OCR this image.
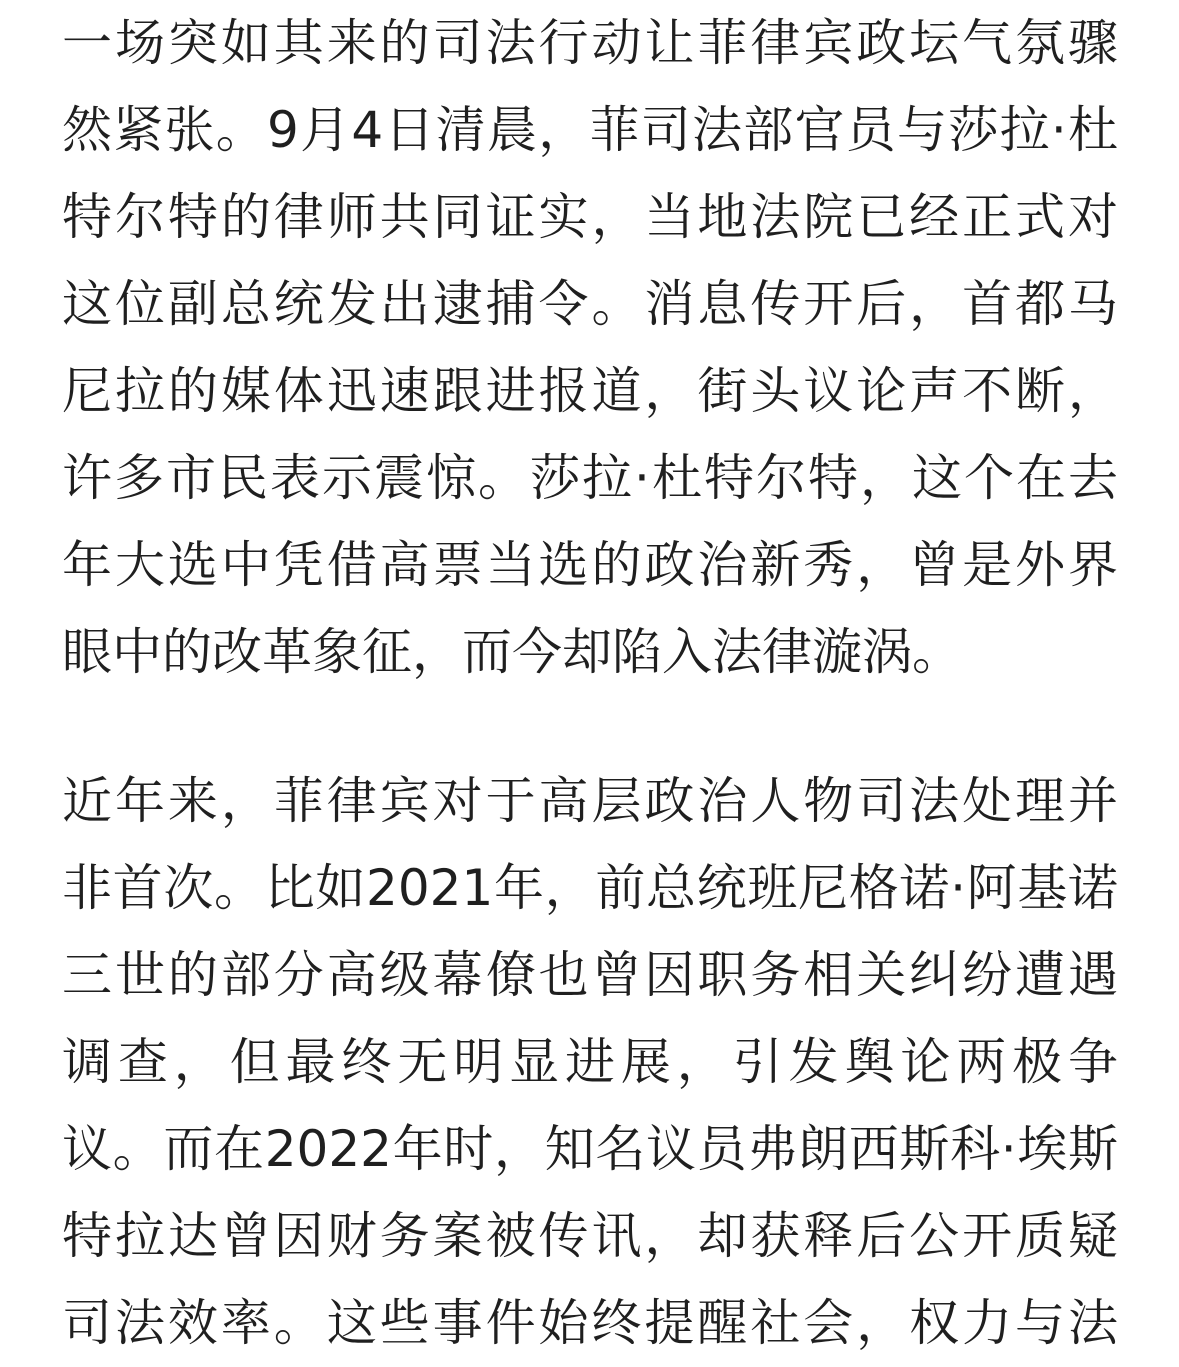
一场突如其来的司法行动让菲律宾政坛气氛骤
然紧张。9月4日清晨，菲司法部官员与莎拉·杜
特尔特的律师共同证实，当地法院已经正式对
这位副总统发出逮捕令。消息传开后，首都马
尼拉的媒体迅速跟进报道，街头议论声不断，
许多市民表示震惊。莎拉·杜特尔特，这个在去
年大选中凭借高票当选的政治新秀，曾是外界
眼中的改革象征，而今却陷入法律漩涡。
近年来，菲律宾对于高层政治人物司法处理并
非首次。比如2021年，前总统班尼格诺·阿基诺
三世的部分高级幕僚也曾因职务相关纠纷遭遇
调查，但最终无明显进展，引发舆论两极争
议。而在2022年时，知名议员弗朗西斯科·埃斯
特拉达曾因财务案被传讯，却获释后公开质疑
司法效率。这些事件始终提醒社会，权力与法
